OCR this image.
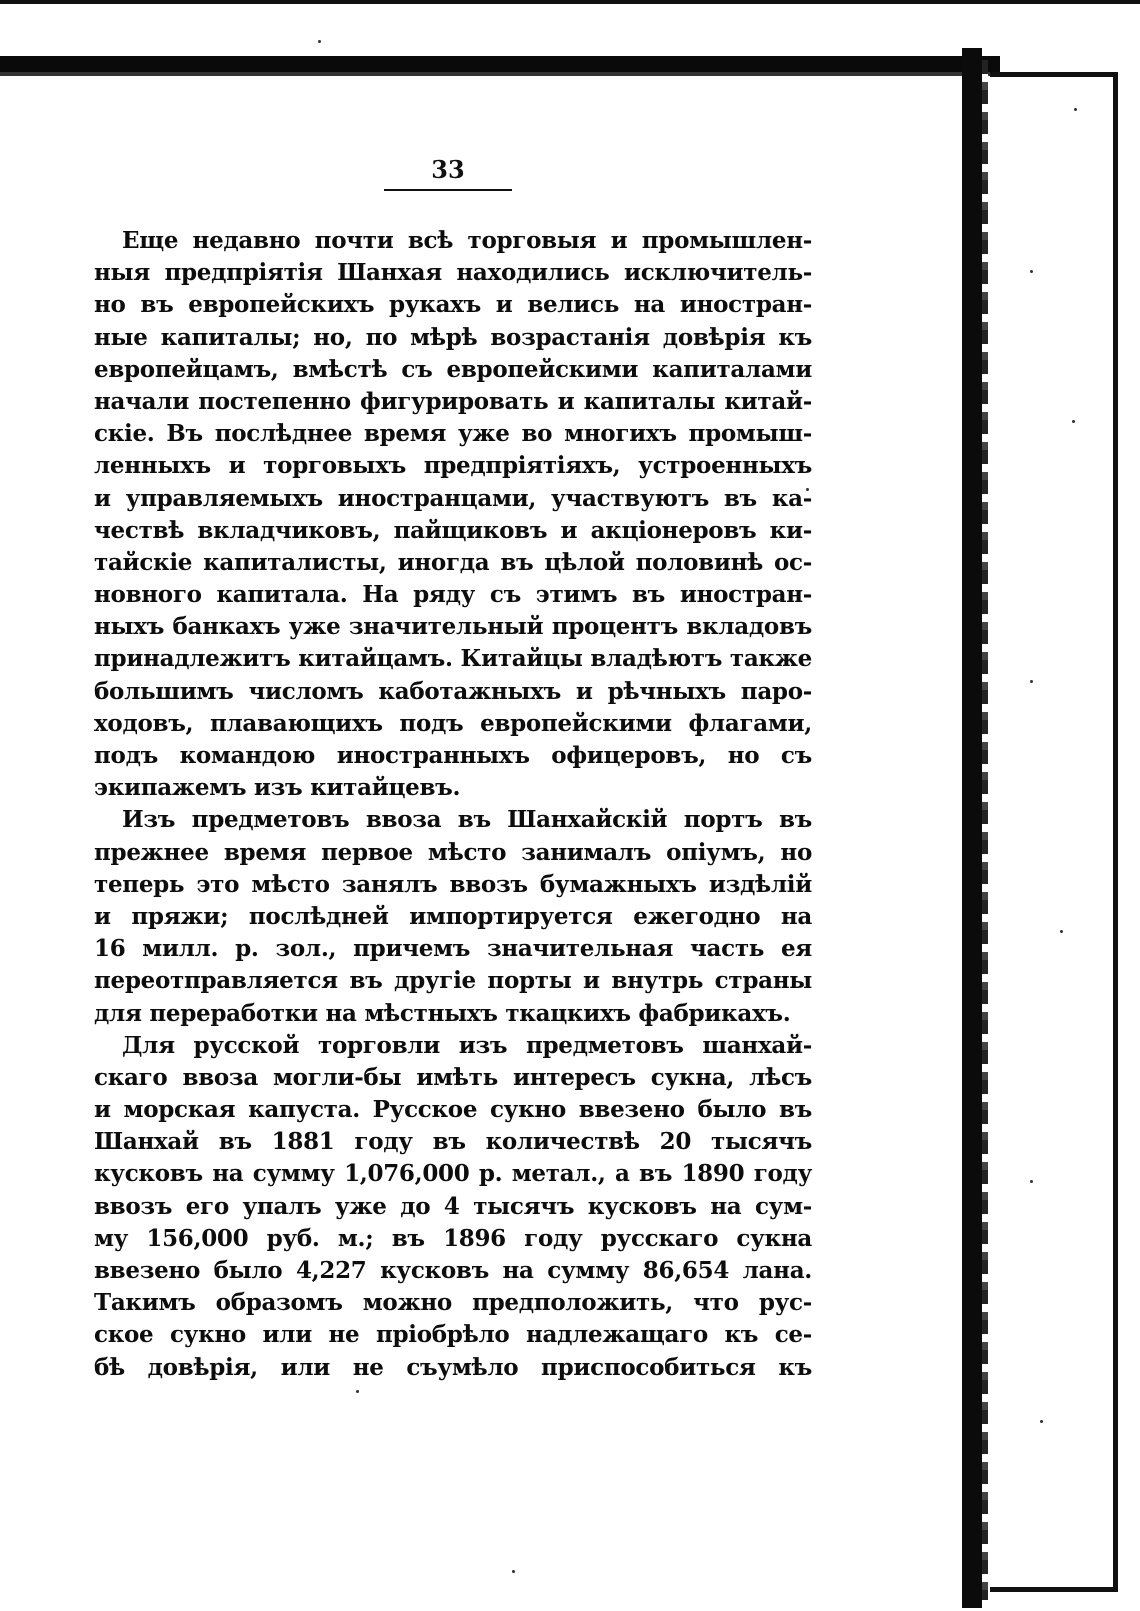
33
Еще недавно почти всѣ торговыя и промышлен-
ныя предпріятія Шанхая находились исключитель-
но въ европейскихъ рукахъ и велись на иностран-
ные капиталы; но, по мѣрѣ возрастанія довѣрія къ
европейцамъ, вмѣстѣ съ европейскими капиталами
начали постепенно фигурировать и капиталы китай-
скіе. Въ послѣднее время уже во многихъ промыш-
ленныхъ и торговыхъ предпріятіяхъ, устроенныхъ
и управляемыхъ иностранцами, участвуютъ въ ка-
чествѣ вкладчиковъ, пайщиковъ и акціонеровъ ки-
тайскіе капиталисты, иногда въ цѣлой половинѣ ос-
новного капитала. На ряду съ этимъ въ иностран-
ныхъ банкахъ уже значительный процентъ вкладовъ
принадлежитъ китайцамъ. Китайцы владѣютъ также
большимъ числомъ каботажныхъ и рѣчныхъ паро-
ходовъ, плавающихъ подъ европейскими флагами,
подъ командою иностранныхъ офицеровъ, но съ
экипажемъ изъ китайцевъ.
Изъ предметовъ ввоза въ Шанхайскій портъ въ
прежнее время первое мѣсто занималъ опіумъ, но
теперь это мѣсто занялъ ввозъ бумажныхъ издѣлій
и пряжи; послѣдней импортируется ежегодно на
16 милл. р. зол., причемъ значительная часть ея
переотправляется въ другіе порты и внутрь страны
для переработки на мѣстныхъ ткацкихъ фабрикахъ.
Для русской торговли изъ предметовъ шанхай-
скаго ввоза могли-бы имѣть интересъ сукна, лѣсъ
и морская капуста. Русское сукно ввезено было въ
Шанхай въ 1881 году въ количествѣ 20 тысячъ
кусковъ на сумму 1,076,000 р. метал., а въ 1890 году
ввозъ его упалъ уже до 4 тысячъ кусковъ на сум-
му 156,000 руб. м.; въ 1896 году русскаго сукна
ввезено было 4,227 кусковъ на сумму 86,654 лана.
Такимъ образомъ можно предположить, что рус-
ское сукно или не пріобрѣло надлежащаго къ се-
бѣ довѣрія, или не съумѣло приспособиться къ
